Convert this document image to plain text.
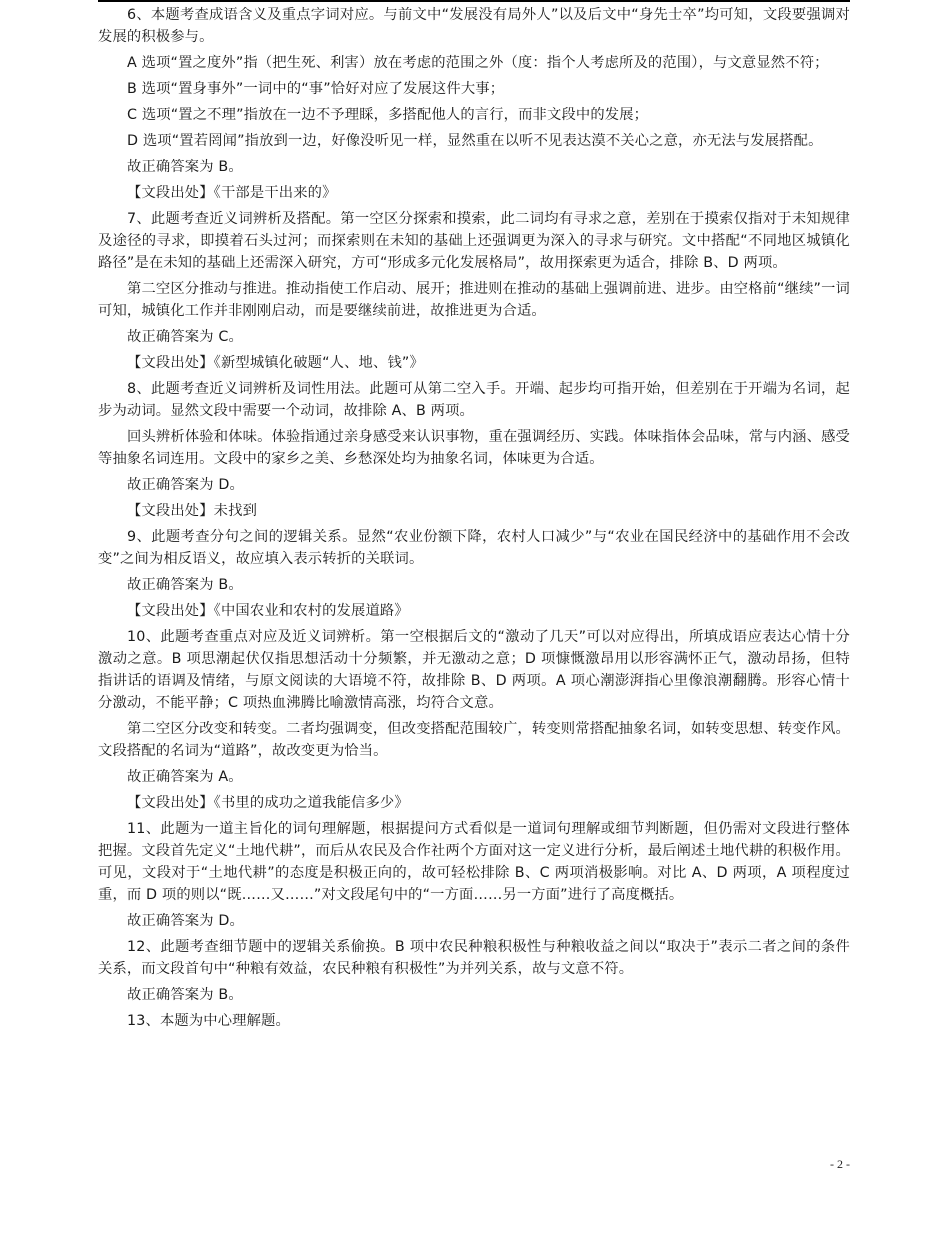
6、本题考查成语含义及重点字词对应。与前文中“发展没有局外人”以及后文中“身先士卒”均可知，文段要强调对发展的积极参与。

A 选项“置之度外”指（把生死、利害）放在考虑的范围之外（度：指个人考虑所及的范围），与文意显然不符；

B 选项“置身事外”一词中的“事”恰好对应了发展这件大事；

C 选项“置之不理”指放在一边不予理睬，多搭配他人的言行，而非文段中的发展；

D 选项“置若罔闻”指放到一边，好像没听见一样，显然重在以听不见表达漠不关心之意，亦无法与发展搭配。

故正确答案为 B。

【文段出处】《干部是干出来的》

7、此题考查近义词辨析及搭配。第一空区分探索和摸索，此二词均有寻求之意，差别在于摸索仅指对于未知规律及途径的寻求，即摸着石头过河；而探索则在未知的基础上还强调更为深入的寻求与研究。文中搭配“不同地区城镇化路径”是在未知的基础上还需深入研究，方可“形成多元化发展格局”，故用探索更为适合，排除 B、D 两项。

第二空区分推动与推进。推动指使工作启动、展开；推进则在推动的基础上强调前进、进步。由空格前“继续”一词可知，城镇化工作并非刚刚启动，而是要继续前进，故推进更为合适。

故正确答案为 C。

【文段出处】《新型城镇化破题“人、地、钱”》

8、此题考查近义词辨析及词性用法。此题可从第二空入手。开端、起步均可指开始，但差别在于开端为名词，起步为动词。显然文段中需要一个动词，故排除 A、B 两项。

回头辨析体验和体味。体验指通过亲身感受来认识事物，重在强调经历、实践。体味指体会品味，常与内涵、感受等抽象名词连用。文段中的家乡之美、乡愁深处均为抽象名词，体味更为合适。

故正确答案为 D。

【文段出处】未找到

9、此题考查分句之间的逻辑关系。显然“农业份额下降，农村人口减少”与“农业在国民经济中的基础作用不会改变”之间为相反语义，故应填入表示转折的关联词。

故正确答案为 B。

【文段出处】《中国农业和农村的发展道路》

10、此题考查重点对应及近义词辨析。第一空根据后文的“激动了几天”可以对应得出，所填成语应表达心情十分激动之意。B 项思潮起伏仅指思想活动十分频繁，并无激动之意；D 项慷慨激昂用以形容满怀正气，激动昂扬，但特指讲话的语调及情绪，与原文阅读的大语境不符，故排除 B、D 两项。A 项心潮澎湃指心里像浪潮翻腾。形容心情十分激动，不能平静；C 项热血沸腾比喻激情高涨，均符合文意。

第二空区分改变和转变。二者均强调变，但改变搭配范围较广，转变则常搭配抽象名词，如转变思想、转变作风。文段搭配的名词为“道路”，故改变更为恰当。

故正确答案为 A。

【文段出处】《书里的成功之道我能信多少》

11、此题为一道主旨化的词句理解题，根据提问方式看似是一道词句理解或细节判断题，但仍需对文段进行整体把握。文段首先定义“土地代耕”，而后从农民及合作社两个方面对这一定义进行分析，最后阐述土地代耕的积极作用。可见，文段对于“土地代耕”的态度是积极正向的，故可轻松排除 B、C 两项消极影响。对比 A、D 两项，A 项程度过重，而 D 项的则以“既……又……”对文段尾句中的“一方面……另一方面”进行了高度概括。

故正确答案为 D。

12、此题考查细节题中的逻辑关系偷换。B 项中农民种粮积极性与种粮收益之间以“取决于”表示二者之间的条件关系，而文段首句中“种粮有效益，农民种粮有积极性”为并列关系，故与文意不符。

故正确答案为 B。

13、本题为中心理解题。

- 2 -
